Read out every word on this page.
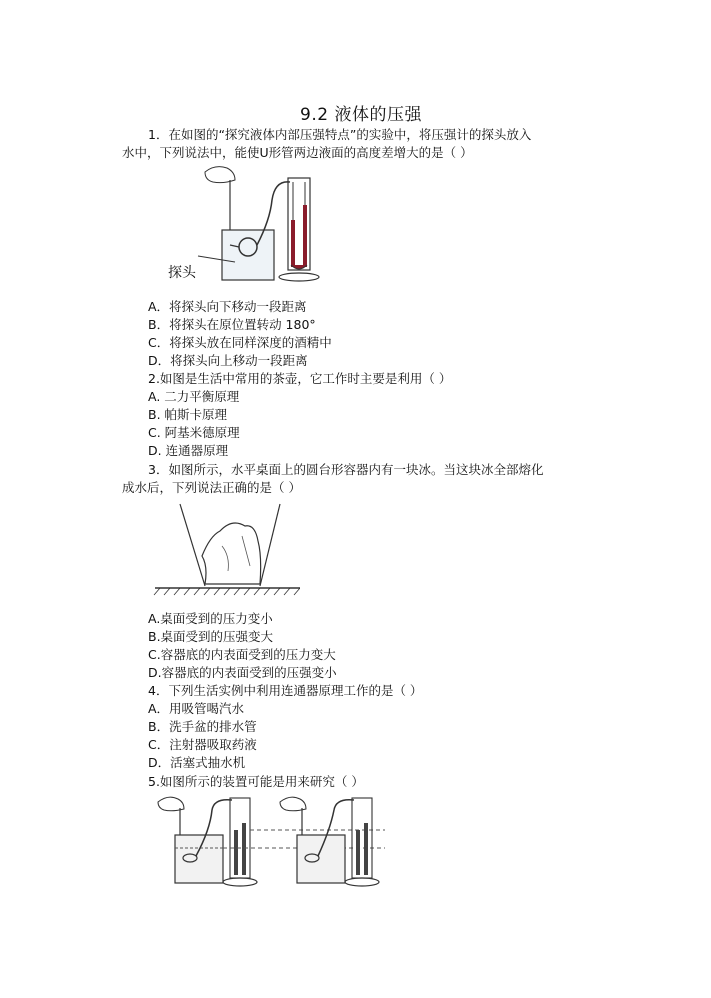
9.2 液体的压强
1．在如图的“探究液体内部压强特点”的实验中，将压强计的探头放入
水中，下列说法中，能使U形管两边液面的高度差增大的是（ ）
探头
A．将探头向下移动一段距离
B．将探头在原位置转动 180°
C．将探头放在同样深度的酒精中
D．将探头向上移动一段距离
2.如图是生活中常用的茶壶，它工作时主要是利用（ ）
A. 二力平衡原理
B. 帕斯卡原理
C. 阿基米德原理
D. 连通器原理
3．如图所示，水平桌面上的圆台形容器内有一块冰。当这块冰全部熔化
成水后，下列说法正确的是（ ）
A.桌面受到的压力变小
B.桌面受到的压强变大
C.容器底的内表面受到的压力变大
D.容器底的内表面受到的压强变小
4．下列生活实例中利用连通器原理工作的是（ ）
A．用吸管喝汽水
B．洗手盆的排水管
C．注射器吸取药液
D．活塞式抽水机
5.如图所示的装置可能是用来研究（ ）
